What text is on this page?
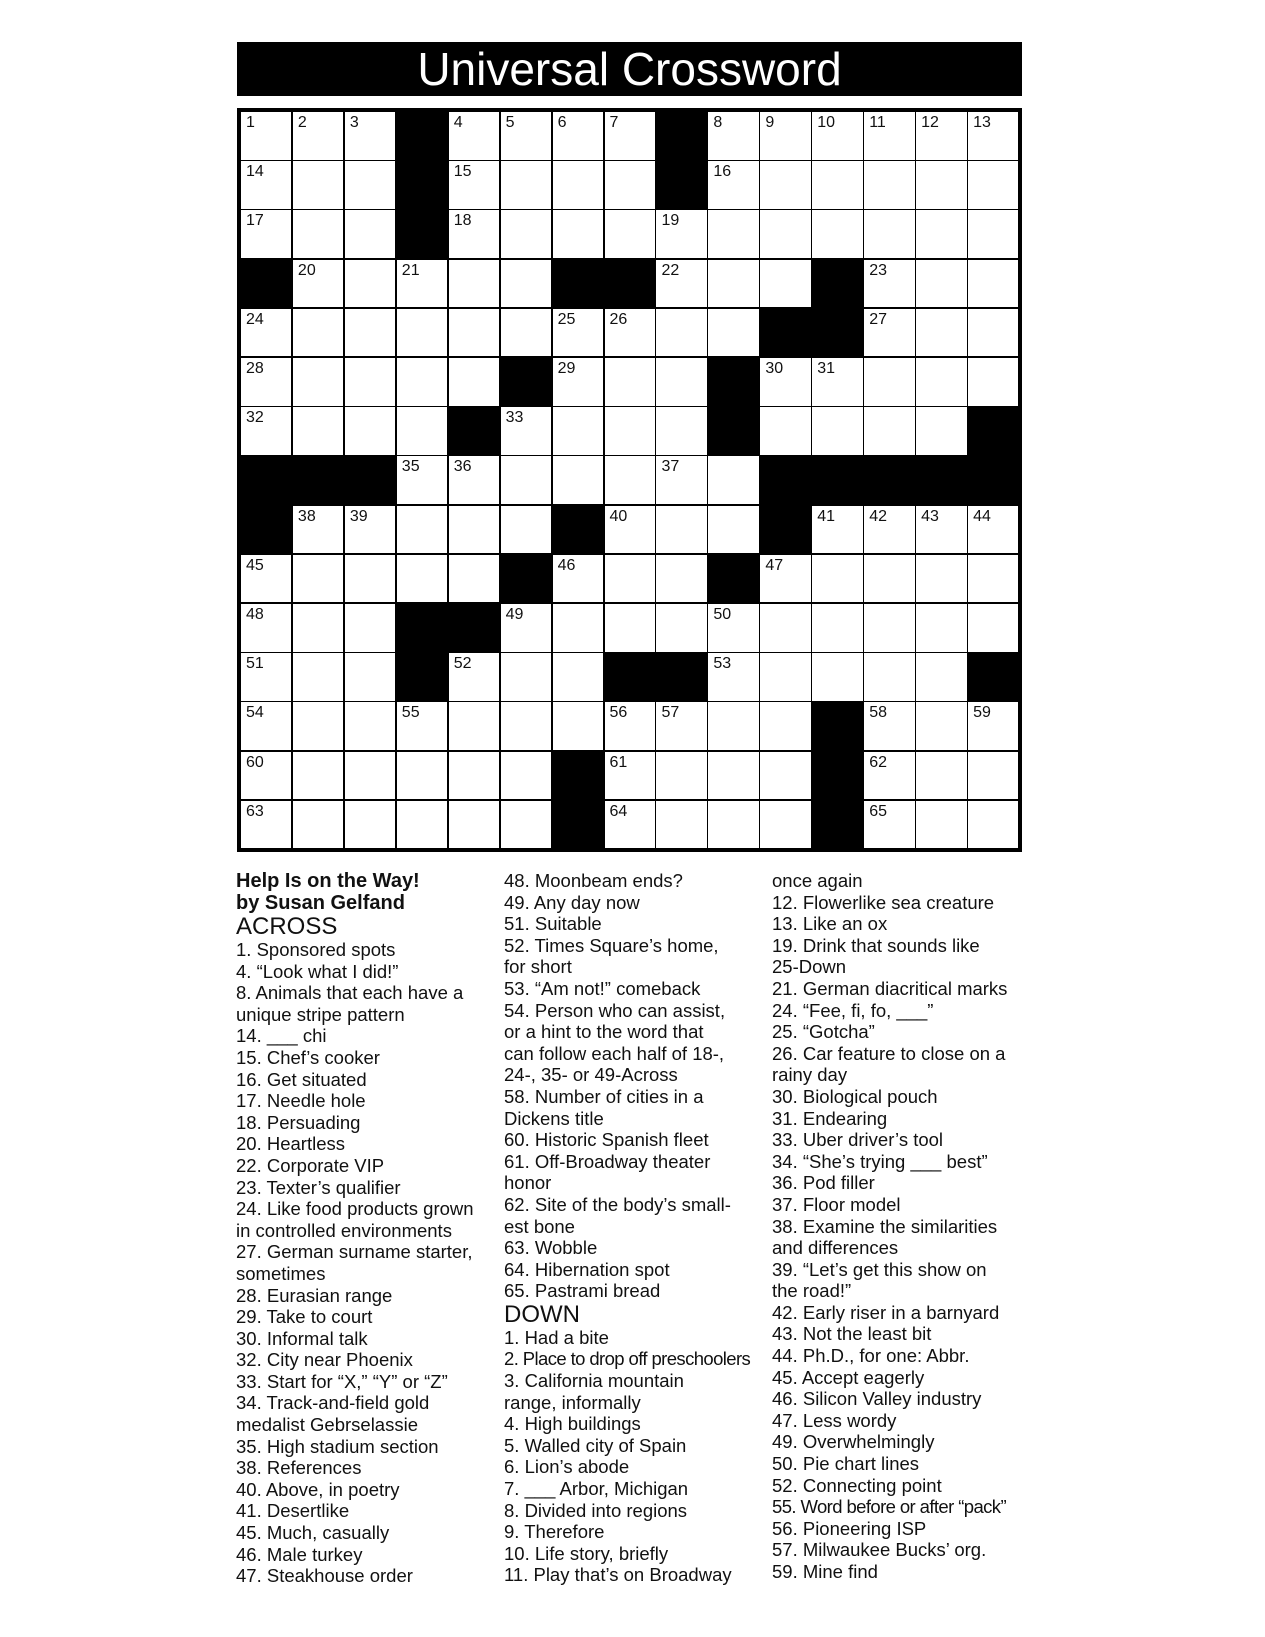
Universal Crossword
1	2	3	4	5	6	7	8	9	10 11 12 13
14	15	16
17	18	19
20	21	22	23
24	25 26	27
28	29	30 31
32	33
35 36	37
38 39	40	41 42 43 44
45	46	47
48	49	50
51	52	53
54	55	56 57	58	59
60	61	62
63	64	65
Help Is on the Way!
by Susan Gelfand
ACROSS
1. Sponsored spots
4. “Look what I did!”
8. Animals that each have a
unique stripe pattern
14. ___ chi
15. Chef’s cooker
16. Get situated
17. Needle hole
18. Persuading
20. Heartless
22. Corporate VIP
23. Texter’s qualifier
24. Like food products grown
in controlled environments
27. German surname starter,
sometimes
28. Eurasian range
29. Take to court
30. Informal talk
32. City near Phoenix
33. Start for “X,” “Y” or “Z”
34. Track-and-field gold
medalist Gebrselassie
35. High stadium section
38. References
40. Above, in poetry
41. Desertlike
45. Much, casually
46. Male turkey
47. Steakhouse order
48. Moonbeam ends?
49. Any day now
51. Suitable
52. Times Square’s home,
for short
53. “Am not!” comeback
54. Person who can assist,
or a hint to the word that
can follow each half of 18-,
24-, 35- or 49-Across
58. Number of cities in a
Dickens title
60. Historic Spanish fleet
61. Off-Broadway theater
honor
62. Site of the body’s small-
est bone
63. Wobble
64. Hibernation spot
65. Pastrami bread
DOWN
1. Had a bite
2. Place to drop off preschoolers
3. California mountain
range, informally
4. High buildings
5. Walled city of Spain
6. Lion’s abode
7. ___ Arbor, Michigan
8. Divided into regions
9. Therefore
10. Life story, briefly
11. Play that’s on Broadway
once again
12. Flowerlike sea creature
13. Like an ox
19. Drink that sounds like
25-Down
21. German diacritical marks
24. “Fee, fi, fo, ___”
25. “Gotcha”
26. Car feature to close on a
rainy day
30. Biological pouch
31. Endearing
33. Uber driver’s tool
34. “She’s trying ___ best”
36. Pod filler
37. Floor model
38. Examine the similarities
and differences
39. “Let’s get this show on
the road!”
42. Early riser in a barnyard
43. Not the least bit
44. Ph.D., for one: Abbr.
45. Accept eagerly
46. Silicon Valley industry
47. Less wordy
49. Overwhelmingly
50. Pie chart lines
52. Connecting point
55. Word before or after “pack”
56. Pioneering ISP
57. Milwaukee Bucks’ org.
59. Mine find
